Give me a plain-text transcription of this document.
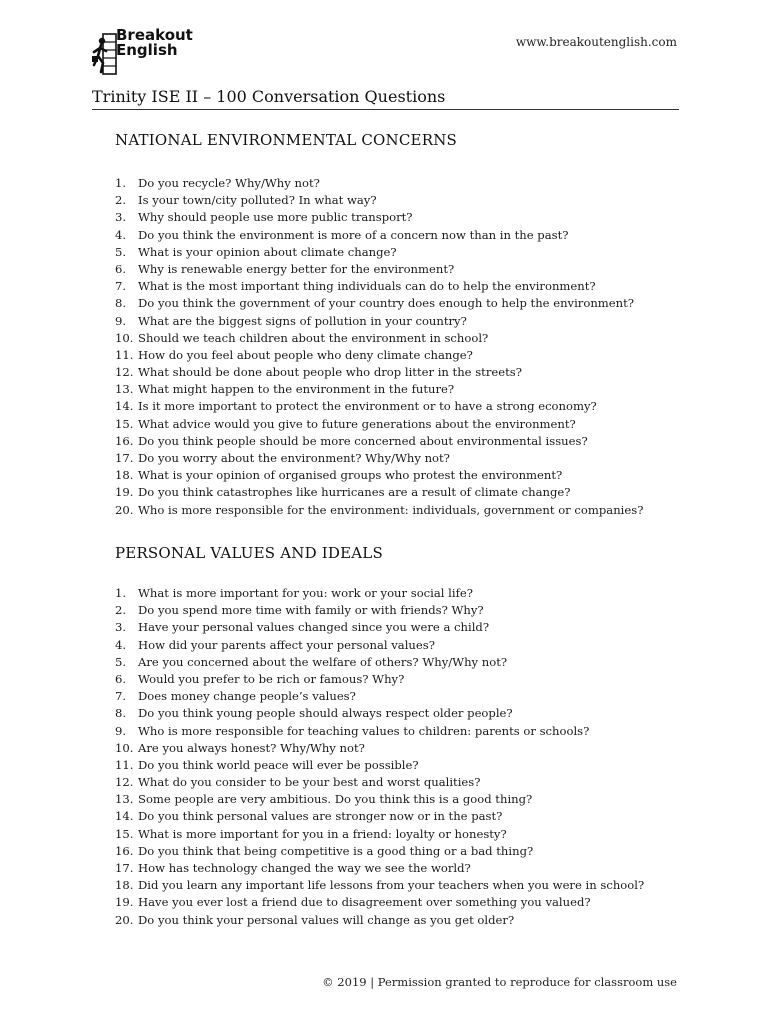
Breakout
English	www.breakoutenglish.com
Trinity ISE II – 100 Conversation Questions
NATIONAL ENVIRONMENTAL CONCERNS
1. Do you recycle? Why/Why not?
2. Is your town/city polluted? In what way?
3. Why should people use more public transport?
4. Do you think the environment is more of a concern now than in the past?
5. What is your opinion about climate change?
6. Why is renewable energy better for the environment?
7. What is the most important thing individuals can do to help the environment?
8. Do you think the government of your country does enough to help the environment?
9. What are the biggest signs of pollution in your country?
10. Should we teach children about the environment in school?
11. How do you feel about people who deny climate change?
12. What should be done about people who drop litter in the streets?
13. What might happen to the environment in the future?
14. Is it more important to protect the environment or to have a strong economy?
15. What advice would you give to future generations about the environment?
16. Do you think people should be more concerned about environmental issues?
17. Do you worry about the environment? Why/Why not?
18. What is your opinion of organised groups who protest the environment?
19. Do you think catastrophes like hurricanes are a result of climate change?
20. Who is more responsible for the environment: individuals, government or companies?
PERSONAL VALUES AND IDEALS
1. What is more important for you: work or your social life?
2. Do you spend more time with family or with friends? Why?
3. Have your personal values changed since you were a child?
4. How did your parents affect your personal values?
5. Are you concerned about the welfare of others? Why/Why not?
6. Would you prefer to be rich or famous? Why?
7. Does money change people’s values?
8. Do you think young people should always respect older people?
9. Who is more responsible for teaching values to children: parents or schools?
10. Are you always honest? Why/Why not?
11. Do you think world peace will ever be possible?
12. What do you consider to be your best and worst qualities?
13. Some people are very ambitious. Do you think this is a good thing?
14. Do you think personal values are stronger now or in the past?
15. What is more important for you in a friend: loyalty or honesty?
16. Do you think that being competitive is a good thing or a bad thing?
17. How has technology changed the way we see the world?
18. Did you learn any important life lessons from your teachers when you were in school?
19. Have you ever lost a friend due to disagreement over something you valued?
20. Do you think your personal values will change as you get older?
© 2019 | Permission granted to reproduce for classroom use
